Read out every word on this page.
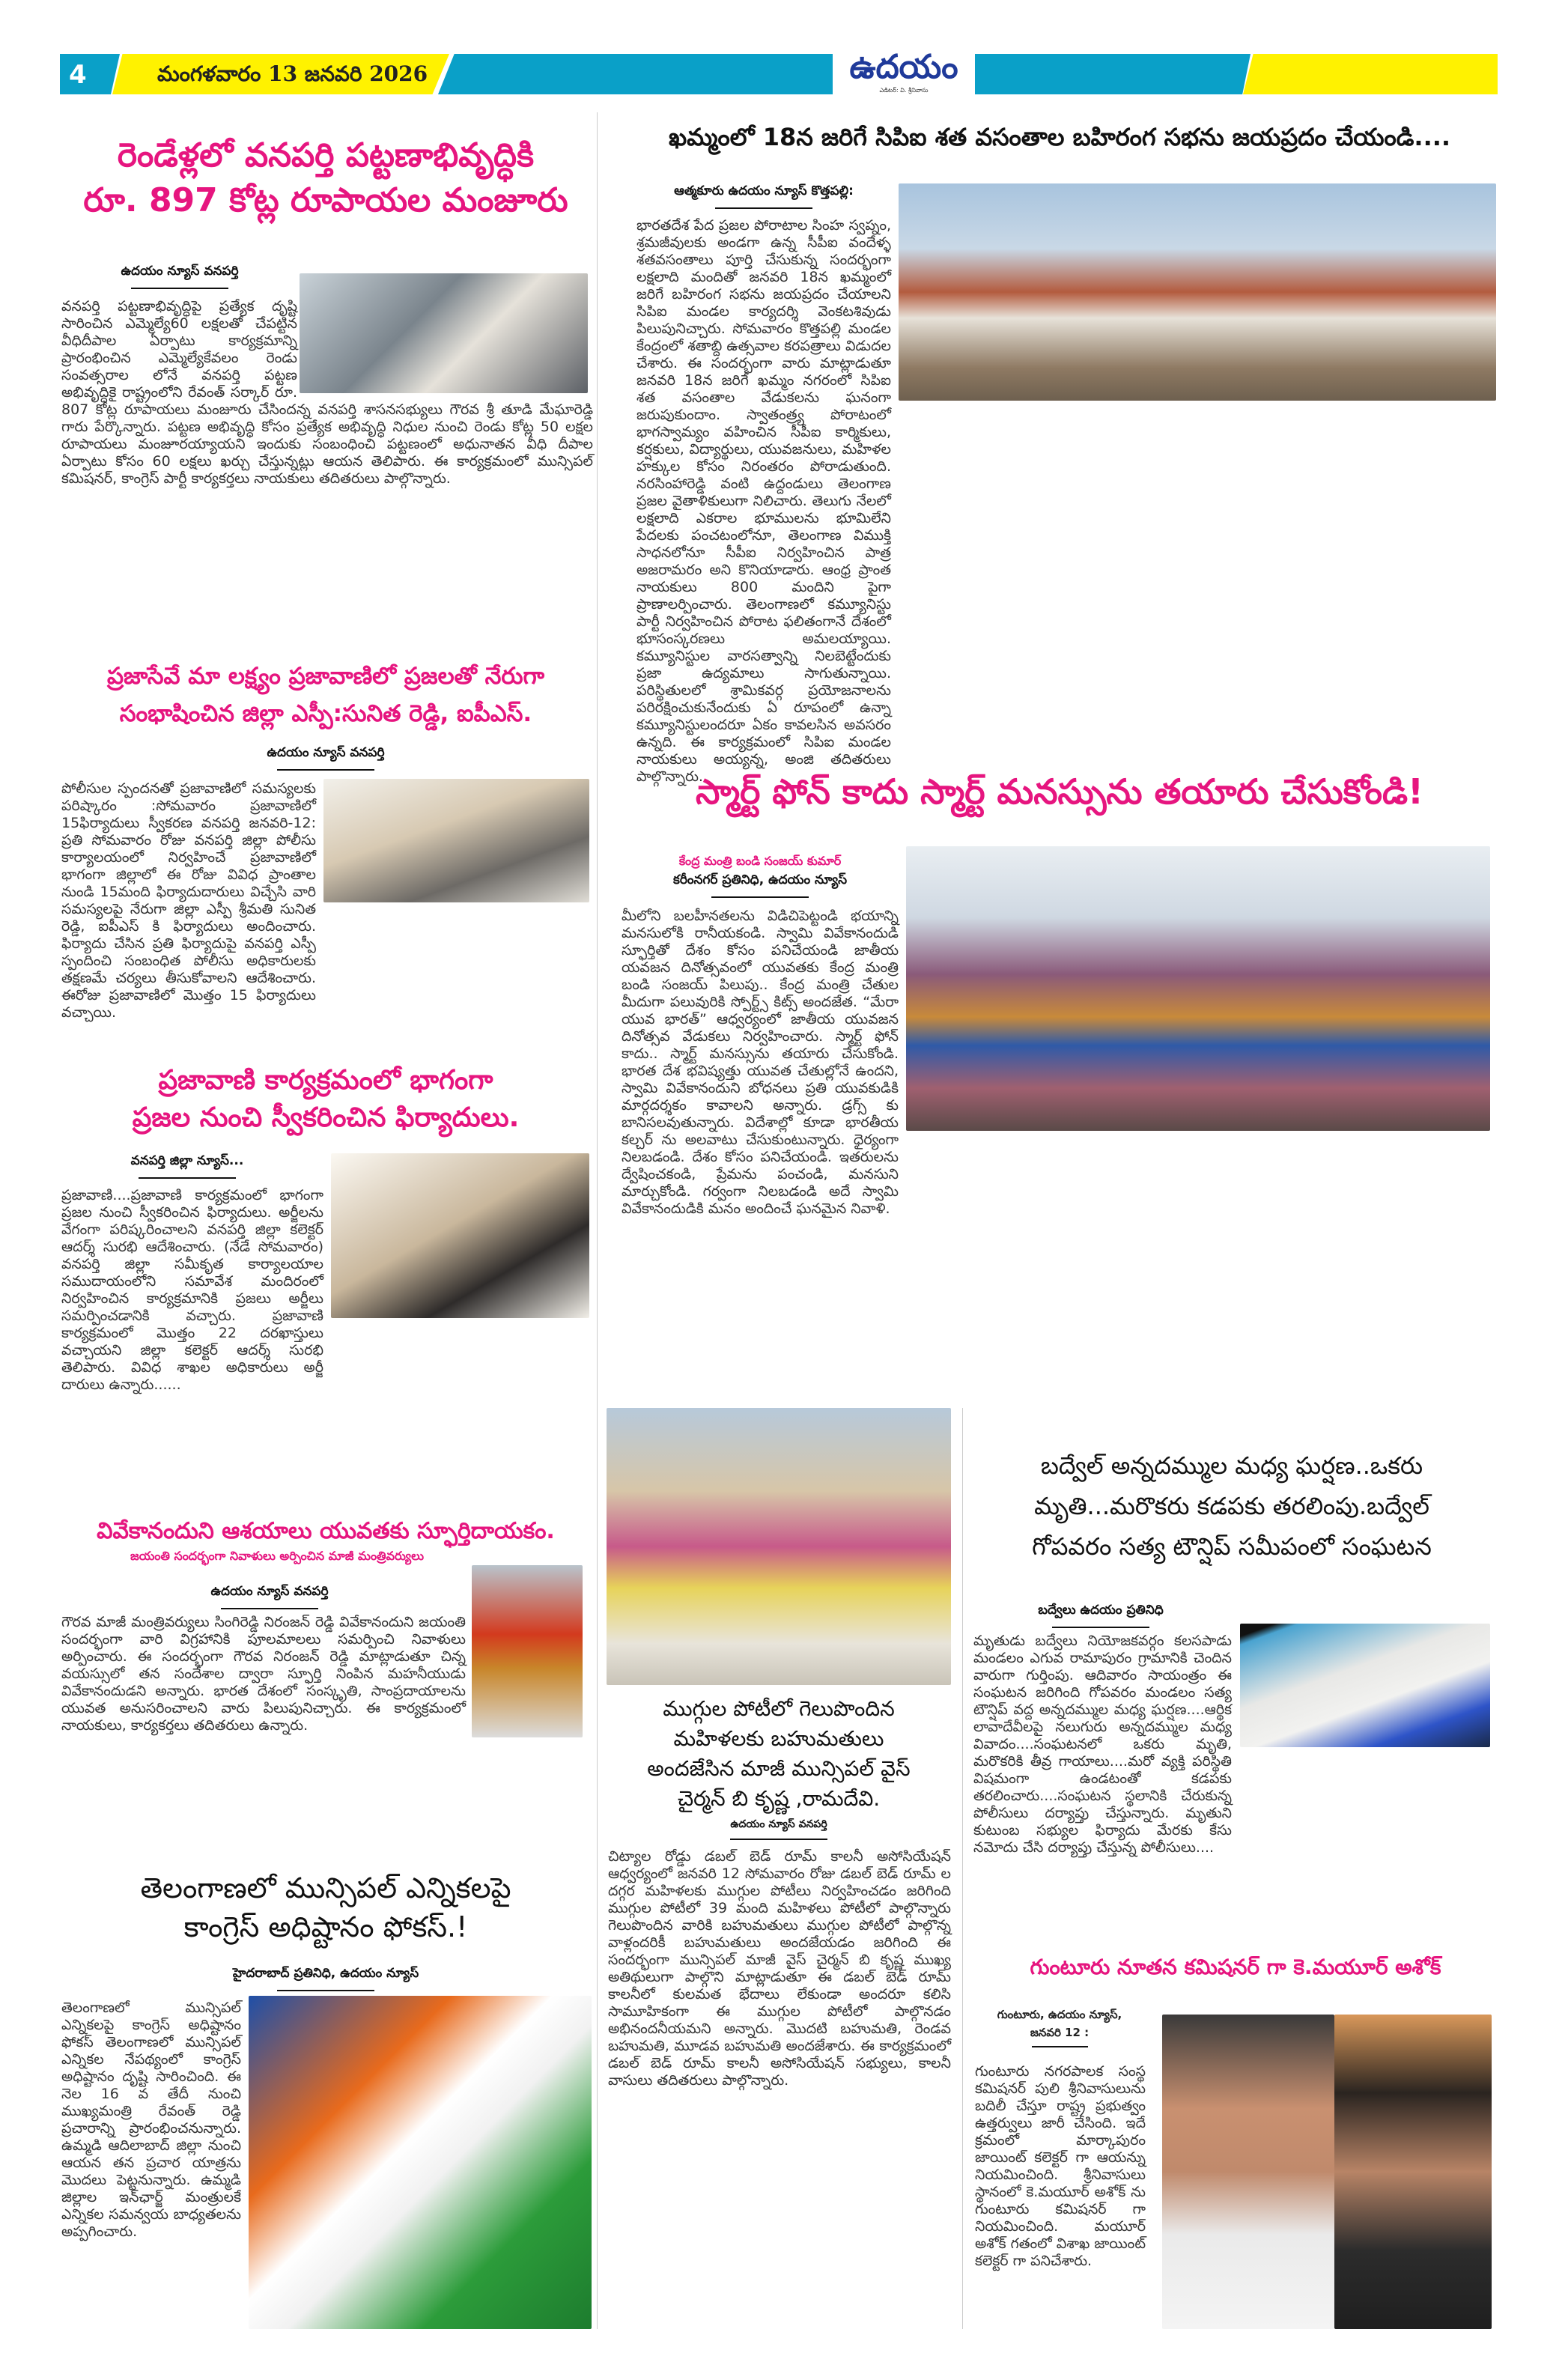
4	మంగళవారం 13 జనవరి 2026	ఉదయం
ఎడిటర్: వి. శ్రీనివాసు
రెండేళ్లలో వనపర్తి పట్టణాభివృద్ధికి
రూ. 897 కోట్ల రూపాయల మంజూరు
ఉదయం న్యూస్ వనపర్తి
వనపర్తి పట్టణాభివృద్ధిపై ప్రత్యేక దృష్టి సారించిన ఎమ్మెల్యే60 లక్షలతో చేపట్టిన వీధిదీపాల ఏర్పాటు కార్యక్రమాన్ని ప్రారంభించిన ఎమ్మెల్యేకేవలం రెండు సంవత్సరాల లోనే వనపర్తి పట్టణ అభివృద్ధికై రాష్ట్రంలోని రేవంత్ సర్కార్ రూ. 807 కోట్ల రూపాయలు మంజూరు చేసిందన్న వనపర్తి శాసనసభ్యులు గౌరవ శ్రీ తూడి మేఘారెడ్డి గారు పేర్కొన్నారు. పట్టణ అభివృద్ధి కోసం ప్రత్యేక అభివృద్ధి నిధుల నుంచి రెండు కోట్ల 50 లక్షల రూపాయలు మంజూరయ్యాయని ఇందుకు సంబంధించి పట్టణంలో అధునాతన వీధి దీపాల ఏర్పాటు కోసం 60 లక్షలు ఖర్చు చేస్తున్నట్లు ఆయన తెలిపారు. ఈ కార్యక్రమంలో మున్సిపల్ కమిషనర్, కాంగ్రెస్ పార్టీ కార్యకర్తలు నాయకులు తదితరులు పాల్గొన్నారు.
ప్రజాసేవే మా లక్ష్యం ప్రజావాణిలో ప్రజలతో నేరుగా
సంభాషించిన జిల్లా ఎస్పీ:సునిత రెడ్డి, ఐపీఎస్.
ఉదయం న్యూస్ వనపర్తి
పోలీసుల స్పందనతో ప్రజావాణిలో సమస్యలకు పరిష్కారం :సోమవారం ప్రజావాణిలో 15ఫిర్యాదులు స్వీకరణ వనపర్తి జనవరి-12: ప్రతి సోమవారం రోజు వనపర్తి జిల్లా పోలీసు కార్యాలయంలో నిర్వహించే ప్రజావాణిలో భాగంగా జిల్లాలో ఈ రోజు వివిధ ప్రాంతాల నుండి 15మంది ఫిర్యాదుదారులు విచ్చేసి వారి సమస్యలపై నేరుగా జిల్లా ఎస్పీ శ్రీమతి సునిత రెడ్డి, ఐపీఎస్ కి ఫిర్యాదులు అందించారు. ఫిర్యాదు చేసిన ప్రతి ఫిర్యాదుపై వనపర్తి ఎస్పీ స్పందించి సంబంధిత పోలీసు అధికారులకు తక్షణమే చర్యలు తీసుకోవాలని ఆదేశించారు. ఈరోజు ప్రజావాణిలో మొత్తం 15 ఫిర్యాదులు వచ్చాయి.
ప్రజావాణి కార్యక్రమంలో భాగంగా
ప్రజల నుంచి స్వీకరించిన ఫిర్యాదులు.
వనపర్తి జిల్లా న్యూస్...
ప్రజావాణి....ప్రజావాణి కార్యక్రమంలో భాగంగా ప్రజల నుంచి స్వీకరించిన ఫిర్యాదులు. అర్జీలను వేగంగా పరిష్కరించాలని వనపర్తి జిల్లా కలెక్టర్ ఆదర్శ్ సురభి ఆదేశించారు. (నేడే సోమవారం) వనపర్తి జిల్లా సమీకృత కార్యాలయాల సముదాయంలోని సమావేశ మందిరంలో నిర్వహించిన కార్యక్రమానికి ప్రజలు అర్జీలు సమర్పించడానికి వచ్చారు. ప్రజావాణి కార్యక్రమంలో మొత్తం 22 దరఖాస్తులు వచ్చాయని జిల్లా కలెక్టర్ ఆదర్శ్ సురభి తెలిపారు. వివిధ శాఖల అధికారులు అర్జీ దారులు ఉన్నారు......
వివేకానందుని ఆశయాలు యువతకు స్ఫూర్తిదాయకం.
జయంతి సందర్భంగా నివాళులు అర్పించిన మాజీ మంత్రివర్యులు
ఉదయం న్యూస్ వనపర్తి
గౌరవ మాజీ మంత్రివర్యులు సింగిరెడ్డి నిరంజన్ రెడ్డి వివేకానందుని జయంతి సందర్భంగా వారి విగ్రహానికి పూలమాలలు సమర్పించి నివాళులు అర్పించారు. ఈ సందర్భంగా గౌరవ నిరంజన్ రెడ్డి మాట్లాడుతూ చిన్న వయస్సులో తన సందేశాల ద్వారా స్ఫూర్తి నింపిన మహనీయుడు వివేకానందుడని అన్నారు. భారత దేశంలో సంస్కృతి, సాంప్రదాయాలను యువత అనుసరించాలని వారు పిలుపునిచ్చారు. ఈ కార్యక్రమంలో నాయకులు, కార్యకర్తలు తదితరులు ఉన్నారు.
తెలంగాణలో మున్సిపల్ ఎన్నికలపై
కాంగ్రెస్ అధిష్టానం ఫోకస్.!
హైదరాబాద్ ప్రతినిధి, ఉదయం న్యూస్
తెలంగాణలో మున్సిపల్ ఎన్నికలపై కాంగ్రెస్ అధిష్టానం ఫోకస్ తెలంగాణలో మున్సిపల్ ఎన్నికల నేపథ్యంలో కాంగ్రెస్ అధిష్టానం దృష్టి సారించింది. ఈ నెల 16 వ తేదీ నుంచి ముఖ్యమంత్రి రేవంత్ రెడ్డి ప్రచారాన్ని ప్రారంభించనున్నారు. ఉమ్మడి ఆదిలాబాద్ జిల్లా నుంచి ఆయన తన ప్రచార యాత్రను మొదలు పెట్టనున్నారు. ఉమ్మడి జిల్లాల ఇన్‌ఛార్జ్ మంత్రులకే ఎన్నికల సమన్వయ బాధ్యతలను అప్పగించారు.
ఖమ్మంలో 18న జరిగే సిపిఐ శత వసంతాల బహిరంగ సభను జయప్రదం చేయండి....
ఆత్మకూరు ఉదయం న్యూస్ కొత్తపల్లి:
భారతదేశ పేద ప్రజల పోరాటాల సింహ స్వప్నం, శ్రమజీవులకు అండగా ఉన్న సీపీఐ వందేళ్ళ శతవసంతాలు పూర్తి చేసుకున్న సందర్భంగా లక్షలాది మందితో జనవరి 18న ఖమ్మంలో జరిగే బహిరంగ సభను జయప్రదం చేయాలని సిపిఐ మండల కార్యదర్శి వెంకటశివుడు పిలుపునిచ్చారు. సోమవారం కొత్తపల్లి మండల కేంద్రంలో శతాబ్ది ఉత్సవాల కరపత్రాలు విడుదల చేశారు. ఈ సందర్భంగా వారు మాట్లాడుతూ జనవరి 18న జరిగే ఖమ్మం నగరంలో సిపిఐ శత వసంతాల వేడుకలను ఘనంగా జరుపుకుందాం. స్వాతంత్ర్య పోరాటంలో భాగస్వామ్యం వహించిన సీపీఐ కార్మికులు, కర్షకులు, విద్యార్థులు, యువజనులు, మహిళల హక్కుల కోసం నిరంతరం పోరాడుతుంది. నరసింహారెడ్డి వంటి ఉద్దండులు తెలంగాణ ప్రజల వైతాళికులుగా నిలిచారు. తెలుగు నేలలో లక్షలాది ఎకరాల భూములను భూమిలేని పేదలకు పంచటంలోనూ, తెలంగాణ విముక్తి సాధనలోనూ సీపీఐ నిర్వహించిన పాత్ర అజరామరం అని కొనియాడారు. ఆంధ్ర ప్రాంత నాయకులు 800 మందిని పైగా ప్రాణాలర్పించారు. తెలంగాణలో కమ్యూనిస్టు పార్టీ నిర్వహించిన పోరాట ఫలితంగానే దేశంలో భూసంస్కరణలు అమలయ్యాయి. కమ్యూనిస్టుల వారసత్వాన్ని నిలబెట్టేందుకు ప్రజా ఉద్యమాలు సాగుతున్నాయి. పరిస్థితులలో శ్రామికవర్గ ప్రయోజనాలను పరిరక్షించుకునేందుకు ఏ రూపంలో ఉన్నా కమ్యూనిస్టులందరూ ఏకం కావలసిన అవసరం ఉన్నది. ఈ కార్యక్రమంలో సిపిఐ మండల నాయకులు అయ్యన్న, అంజి తదితరులు పాల్గొన్నారు.
స్మార్ట్ ఫోన్ కాదు స్మార్ట్ మనస్సును తయారు చేసుకోండి!
కేంద్ర మంత్రి బండి సంజయ్ కుమార్
కరీంనగర్ ప్రతినిధి, ఉదయం న్యూస్
మీలోని బలహీనతలను విడిచిపెట్టండి భయాన్ని మనసులోకి రానీయకండి. స్వామి వివేకానందుడి స్ఫూర్తితో దేశం కోసం పనిచేయండి జాతీయ యవజన దినోత్సవంలో యువతకు కేంద్ర మంత్రి బండి సంజయ్ పిలుపు.. కేంద్ర మంత్రి చేతుల మీదుగా పలువురికి స్పోర్ట్స్ కిట్స్ అందజేత. “మేరా యువ భారత్” ఆధ్వర్యంలో జాతీయ యువజన దినోత్సవ వేడుకలు నిర్వహించారు. స్మార్ట్ ఫోన్ కాదు.. స్మార్ట్ మనస్సును తయారు చేసుకోండి. భారత దేశ భవిష్యత్తు యువత చేతుల్లోనే ఉందని, స్వామి వివేకానందుని బోధనలు ప్రతి యువకుడికి మార్గదర్శకం కావాలని అన్నారు. డ్రగ్స్ కు బానిసలవుతున్నారు. విదేశాల్లో కూడా భారతీయ కల్చర్ ను అలవాటు చేసుకుంటున్నారు. ధైర్యంగా నిలబడండి. దేశం కోసం పనిచేయండి. ఇతరులను ద్వేషించకండి, ప్రేమను పంచండి, మనసుని మార్చుకోండి. గర్వంగా నిలబడండి అదే స్వామి వివేకానందుడికి మనం అందించే ఘనమైన నివాళి.
ముగ్గుల పోటీలో గెలుపొందిన
మహిళలకు బహుమతులు
అందజేసిన మాజీ మున్సిపల్ వైస్
చైర్మన్ బి కృష్ణ ,రామదేవి.
ఉదయం న్యూస్ వనపర్తి
చిట్యాల రోడ్డు డబల్ బెడ్ రూమ్ కాలనీ అసోసియేషన్ ఆధ్వర్యంలో జనవరి 12 సోమవారం రోజు డబల్ బెడ్ రూమ్ ల దగ్గర మహిళలకు ముగ్గుల పోటీలు నిర్వహించడం జరిగింది ముగ్గుల పోటీలో 39 మంది మహిళలు పోటీలో పాల్గొన్నారు గెలుపొందిన వారికి బహుమతులు ముగ్గుల పోటీలో పాల్గొన్న వాళ్లందరికీ బహుమతులు అందజేయడం జరిగింది ఈ సందర్భంగా మున్సిపల్ మాజీ వైస్ చైర్మన్ బి కృష్ణ ముఖ్య అతిథులుగా పాల్గొని మాట్లాడుతూ ఈ డబల్ బెడ్ రూమ్ కాలనీలో కులమత భేదాలు లేకుండా అందరూ కలిసి సామూహికంగా ఈ ముగ్గుల పోటీలో పాల్గొనడం అభినందనీయమని అన్నారు. మొదటి బహుమతి, రెండవ బహుమతి, మూడవ బహుమతి అందజేశారు. ఈ కార్యక్రమంలో డబల్ బెడ్ రూమ్ కాలనీ అసోసియేషన్ సభ్యులు, కాలనీ వాసులు తదితరులు పాల్గొన్నారు.
బద్వేల్ అన్నదమ్ముల మధ్య ఘర్షణ..ఒకరు
మృతి...మరొకరు కడపకు తరలింపు.బద్వేల్
గోపవరం సత్య టౌన్షిప్ సమీపంలో సంఘటన
బద్వేలు ఉదయం ప్రతినిధి
మృతుడు బద్వేలు నియోజకవర్గం కలసపాడు మండలం ఎగువ రామాపురం గ్రామానికి చెందిన వారుగా గుర్తింపు. ఆదివారం సాయంత్రం ఈ సంఘటన జరిగింది గోపవరం మండలం సత్య టౌన్షిప్ వద్ద అన్నదమ్ముల మధ్య ఘర్షణ....ఆర్థిక లావాదేవీలపై నలుగురు అన్నదమ్ముల మధ్య వివాదం....సంఘటనలో ఒకరు మృతి, మరొకరికి తీవ్ర గాయాలు....మరో వ్యక్తి పరిస్థితి విషమంగా ఉండటంతో కడపకు తరలించారు....సంఘటన స్థలానికి చేరుకున్న పోలీసులు దర్యాప్తు చేస్తున్నారు. మృతుని కుటుంబ సభ్యుల ఫిర్యాదు మేరకు కేసు నమోదు చేసి దర్యాప్తు చేస్తున్న పోలీసులు....
గుంటూరు నూతన కమిషనర్ గా కె.మయూర్ అశోక్
గుంటూరు, ఉదయం న్యూస్,
జనవరి 12 :
గుంటూరు నగరపాలక సంస్థ కమిషనర్ పులి శ్రీనివాసులును బదిలీ చేస్తూ రాష్ట్ర ప్రభుత్వం ఉత్తర్వులు జారీ చేసింది. ఇదే క్రమంలో మార్కాపురం జాయింట్ కలెక్టర్ గా ఆయన్ను నియమించింది. శ్రీనివాసులు స్థానంలో కె.మయూర్ అశోక్ ను గుంటూరు కమిషనర్ గా నియమించింది. మయూర్ అశోక్ గతంలో విశాఖ జాయింట్ కలెక్టర్ గా పనిచేశారు.
